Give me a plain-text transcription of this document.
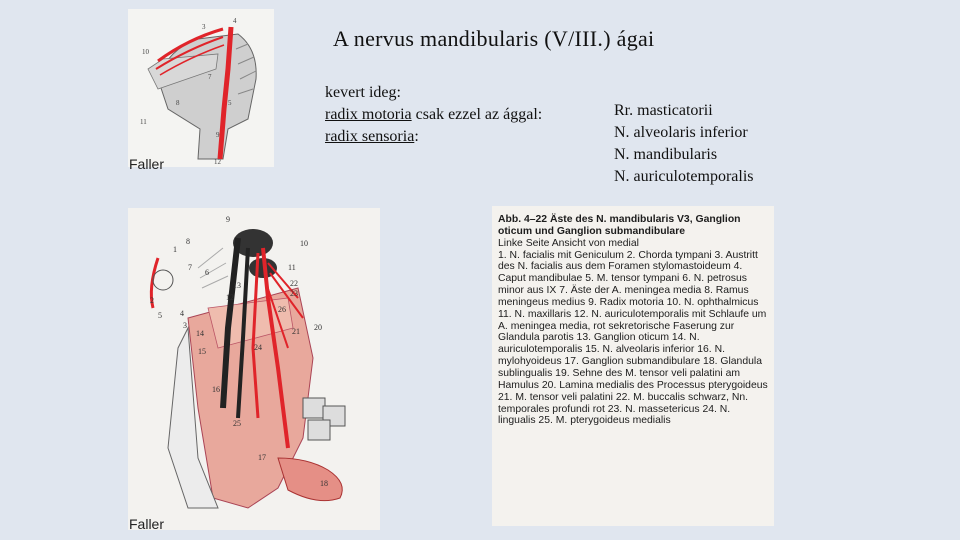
A nervus mandibularis (V/III.) ágai
kevert ideg:
radix motoria csak ezzel az ággal:
radix sensoria:
Rr. masticatorii
N. alveolaris inferior
N. mandibularis
N. auriculotemporalis
3
4
10
7
8	5
11
9
12
Faller
9
10
8
1
11
7
6
13
2
22
23
12
4
3
26
14	21 20
15	24
16
25
17
18
5
Faller
Abb. 4–22 Äste des N. mandibularis V3, Ganglion oticum und Ganglion submandibulare
Linke Seite Ansicht von medial
1. N. facialis mit Geniculum 2. Chorda tympani 3. Austritt des N. facialis aus dem Foramen stylomastoideum 4. Caput mandibulae 5. M. tensor tympani 6. N. petrosus minor aus IX 7. Äste der A. meningea media 8. Ramus meningeus medius 9. Radix motoria 10. N. ophthalmicus 11. N. maxillaris 12. N. auriculotemporalis mit Schlaufe um A. meningea media, rot sekretorische Faserung zur Glandula parotis 13. Ganglion oticum 14. N. auriculotemporalis 15. N. alveolaris inferior 16. N. mylohyoideus 17. Ganglion submandibulare 18. Glandula sublingualis 19. Sehne des M. tensor veli palatini am Hamulus 20. Lamina medialis des Processus pterygoideus 21. M. tensor veli palatini 22. M. buccalis schwarz, Nn. temporales profundi rot 23. N. massetericus 24. N. lingualis 25. M. pterygoideus medialis
